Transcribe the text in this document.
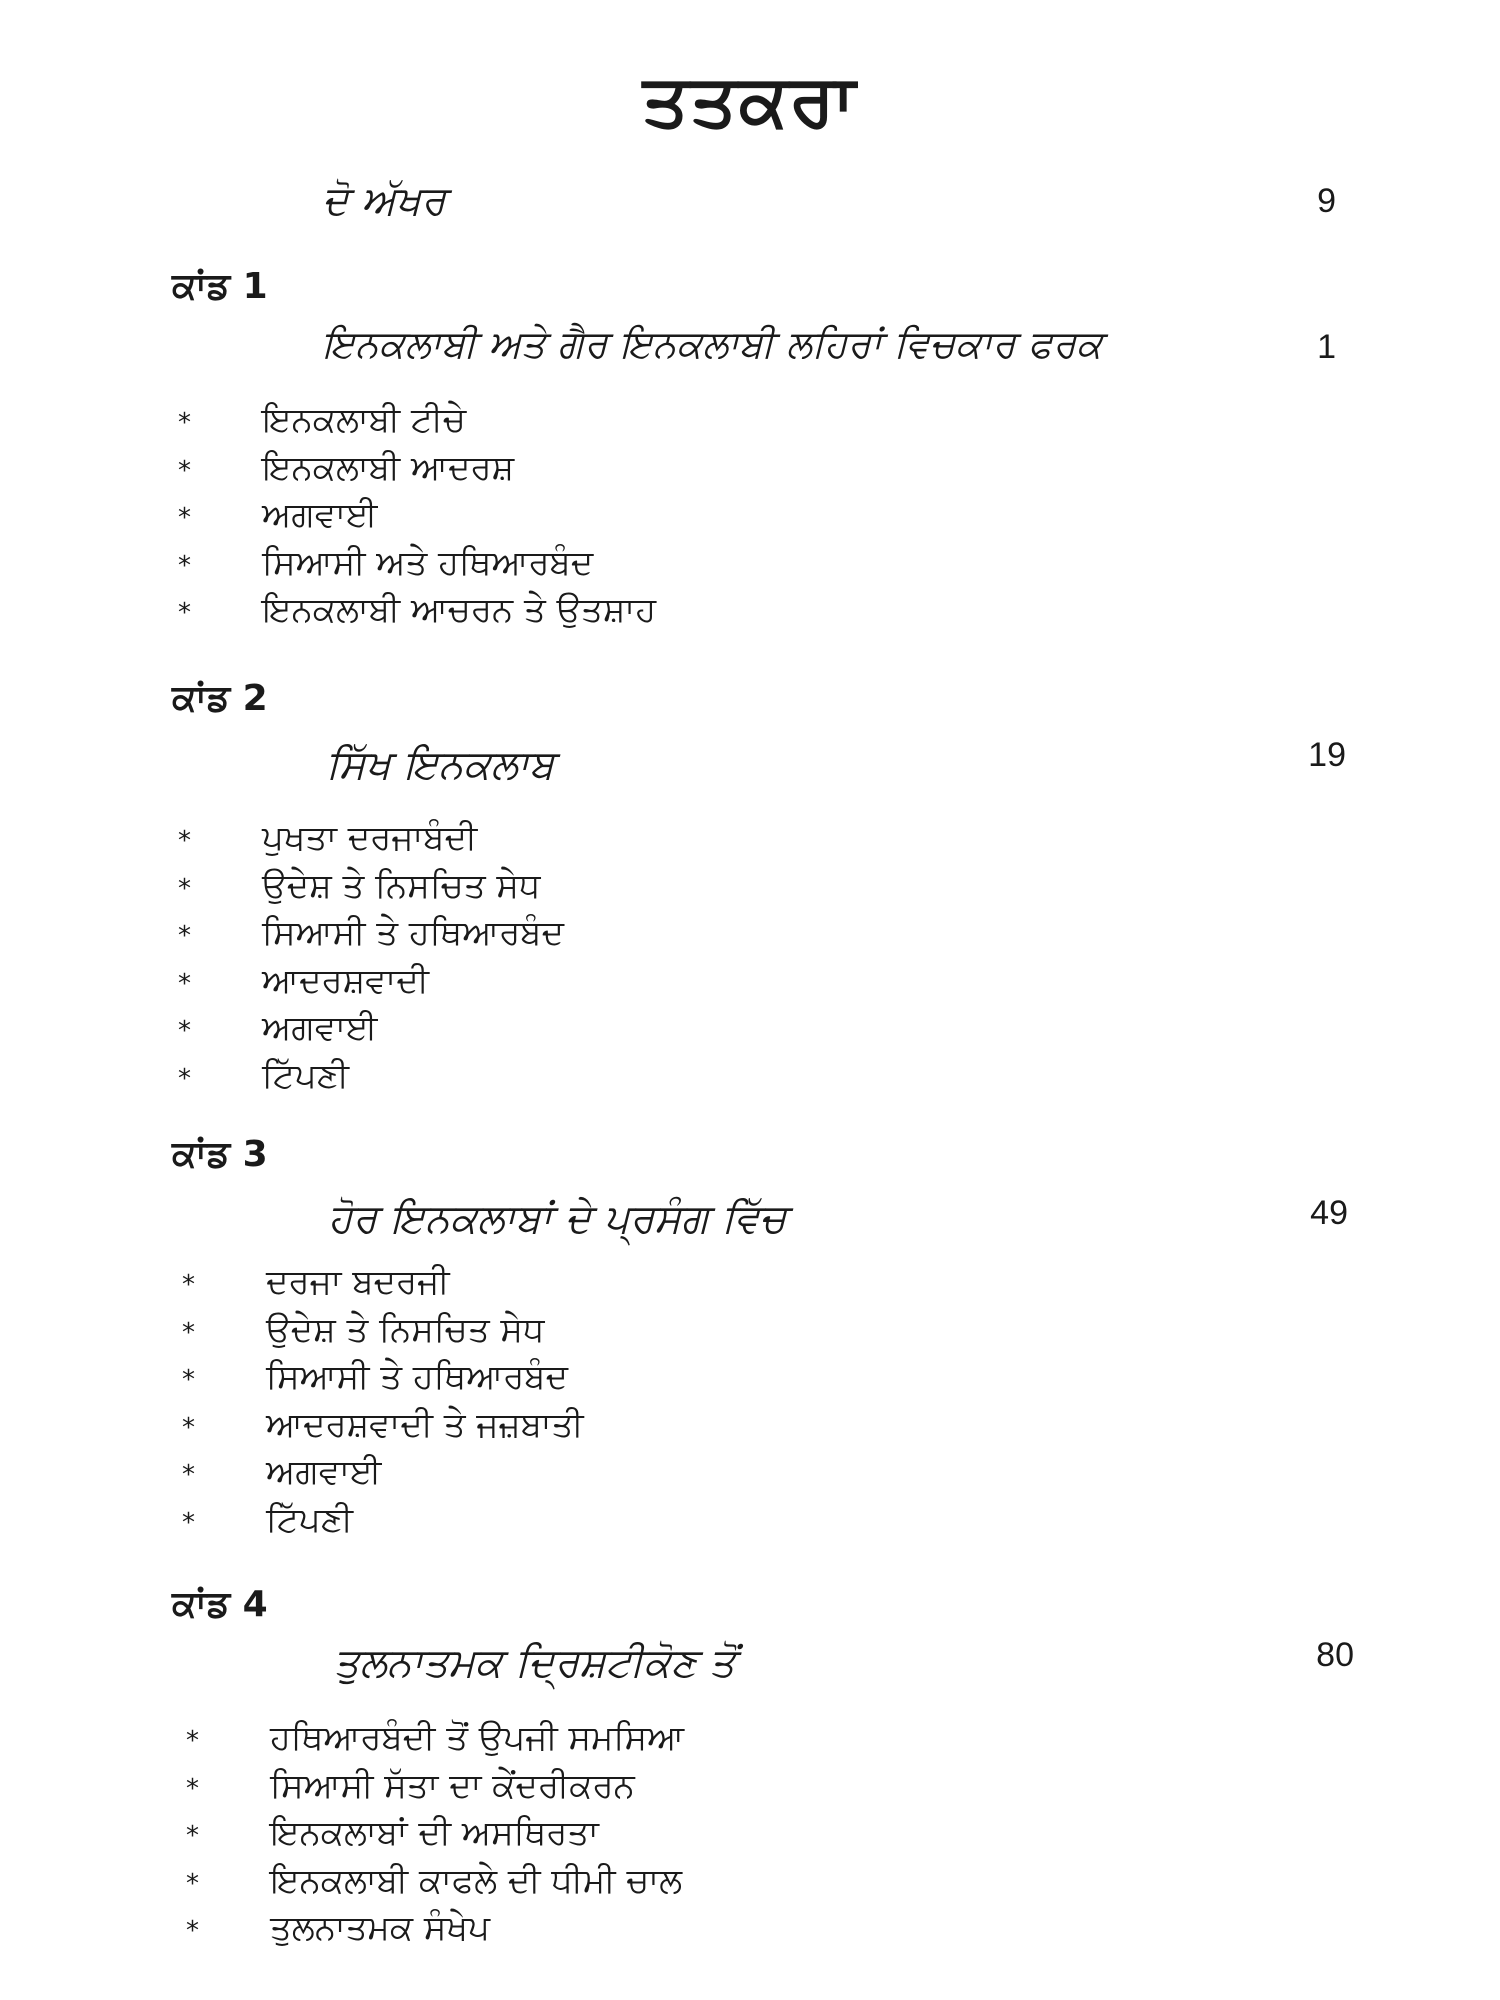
ਤਤਕਰਾ
ਦੋ ਅੱਖਰ	9
ਕਾਂਡ 1
ਇਨਕਲਾਬੀ ਅਤੇ ਗੈਰ ਇਨਕਲਾਬੀ ਲਹਿਰਾਂ ਵਿਚਕਾਰ ਫਰਕ	1
* ਇਨਕਲਾਬੀ ਟੀਚੇ
* ਇਨਕਲਾਬੀ ਆਦਰਸ਼
* ਅਗਵਾਈ
* ਸਿਆਸੀ ਅਤੇ ਹਥਿਆਰਬੰਦ
* ਇਨਕਲਾਬੀ ਆਚਰਨ ਤੇ ਉਤਸ਼ਾਹ
ਕਾਂਡ 2
ਸਿੱਖ ਇਨਕਲਾਬ	19
* ਪੁਖਤਾ ਦਰਜਾਬੰਦੀ
* ਉਦੇਸ਼ ਤੇ ਨਿਸਚਿਤ ਸੇਧ
* ਸਿਆਸੀ ਤੇ ਹਥਿਆਰਬੰਦ
* ਆਦਰਸ਼ਵਾਦੀ
* ਅਗਵਾਈ
* ਟਿੱਪਣੀ
ਕਾਂਡ 3
ਹੋਰ ਇਨਕਲਾਬਾਂ ਦੇ ਪ੍ਰਸੰਗ ਵਿੱਚ	49
* ਦਰਜਾ ਬਦਰਜੀ
* ਉਦੇਸ਼ ਤੇ ਨਿਸਚਿਤ ਸੇਧ
* ਸਿਆਸੀ ਤੇ ਹਥਿਆਰਬੰਦ
* ਆਦਰਸ਼ਵਾਦੀ ਤੇ ਜਜ਼ਬਾਤੀ
* ਅਗਵਾਈ
* ਟਿੱਪਣੀ
ਕਾਂਡ 4
ਤੁਲਨਾਤਮਕ ਦ੍ਰਿਸ਼ਟੀਕੋਣ ਤੋਂ	80
* ਹਥਿਆਰਬੰਦੀ ਤੋਂ ਉਪਜੀ ਸਮਸਿਆ
* ਸਿਆਸੀ ਸੱਤਾ ਦਾ ਕੇਂਦਰੀਕਰਨ
* ਇਨਕਲਾਬਾਂ ਦੀ ਅਸਥਿਰਤਾ
* ਇਨਕਲਾਬੀ ਕਾਫਲੇ ਦੀ ਧੀਮੀ ਚਾਲ
* ਤੁਲਨਾਤਮਕ ਸੰਖੇਪ
